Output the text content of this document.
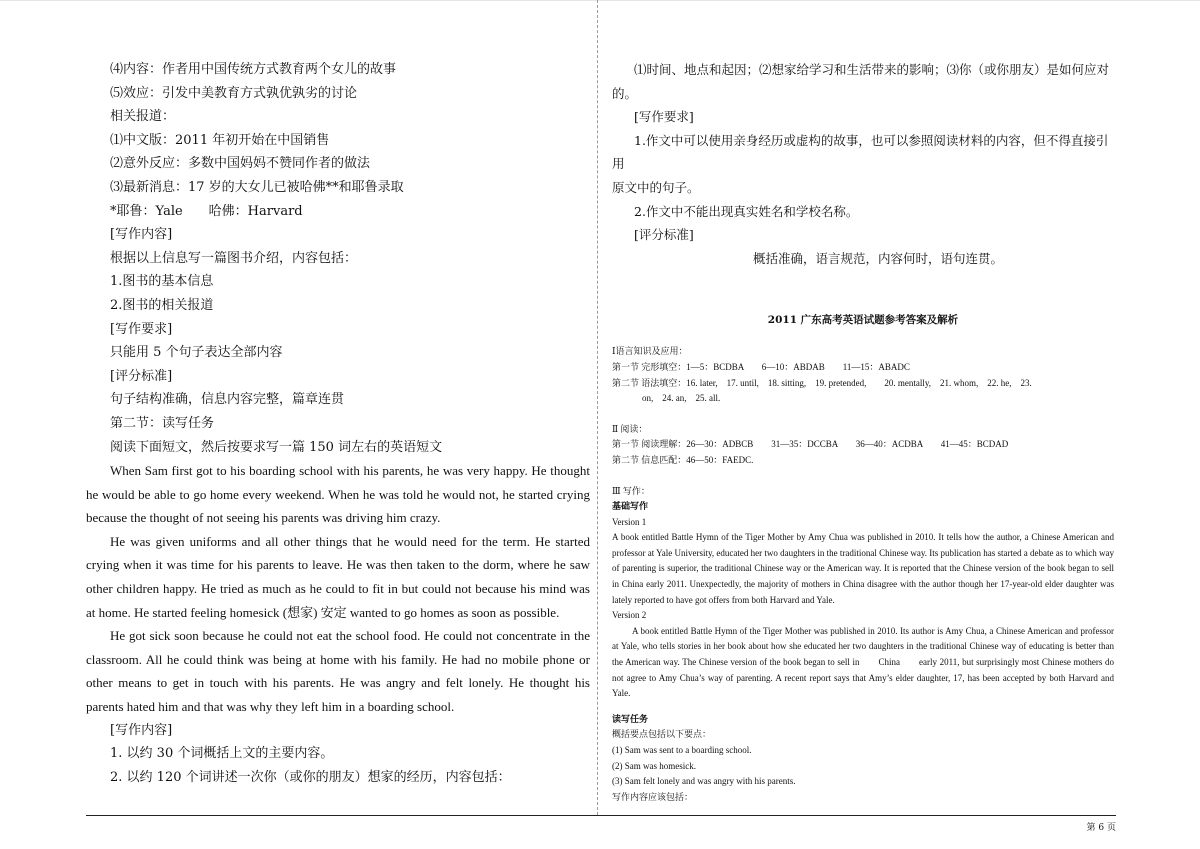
⑷内容：作者用中国传统方式教育两个女儿的故事

⑸效应：引发中美教育方式孰优孰劣的讨论

相关报道：

⑴中文版：2011 年初开始在中国销售

⑵意外反应：多数中国妈妈不赞同作者的做法

⑶最新消息：17 岁的大女儿已被哈佛**和耶鲁录取

*耶鲁：Yale　　哈佛：Harvard

[写作内容]

根据以上信息写一篇图书介绍，内容包括：

1.图书的基本信息

2.图书的相关报道

[写作要求]

只能用 5 个句子表达全部内容

[评分标准]

句子结构准确，信息内容完整，篇章连贯

第二节：读写任务

阅读下面短文，然后按要求写一篇 150 词左右的英语短文

When Sam first got to his boarding school with his parents, he was very happy. He thought he would be able to go home every weekend. When he was told he would not, he started crying because the thought of not seeing his parents was driving him crazy.

He was given uniforms and all other things that he would need for the term. He started crying when it was time for his parents to leave. He was then taken to the dorm, where he saw other children happy. He tried as much as he could to fit in but could not because his mind was at home. He started feeling homesick (想家) 安定 wanted to go homes as soon as possible.

He got sick soon because he could not eat the school food. He could not concentrate in the classroom. All he could think was being at home with his family. He had no mobile phone or other means to get in touch with his parents. He was angry and felt lonely. He thought his parents hated him and that was why they left him in a boarding school.

[写作内容]

1. 以约 30 个词概括上文的主要内容。

2. 以约 120 个词讲述一次你（或你的朋友）想家的经历，内容包括：

⑴时间、地点和起因；⑵想家给学习和生活带来的影响；⑶你（或你朋友）是如何应对

的。

[写作要求]

1.作文中可以使用亲身经历或虚构的故事，也可以参照阅读材料的内容，但不得直接引用

原文中的句子。

2.作文中不能出现真实姓名和学校名称。

[评分标准]

概括准确，语言规范，内容何时，语句连贯。

2011 广东高考英语试题参考答案及解析

Ⅰ语言知识及应用：

第一节 完形填空：1—5：BCDBA　　6—10：ABDAB　　11—15：ABADC

第二节 语法填空：16. later,　17. until,　18. sitting,　19. pretended,　　20. mentally,　21. whom,　22. he,　23.

on,　24. an,　25. all.

Ⅱ 阅读：

第一节 阅读理解：26—30：ADBCB　　31—35：DCCBA　　36—40：ACDBA　　41—45：BCDAD

第二节 信息匹配：46—50：FAEDC.

Ⅲ 写作：

基础写作

Version 1

A book entitled Battle Hymn of the Tiger Mother by Amy Chua was published in 2010. It tells how the author, a Chinese American and professor at Yale University, educated her two daughters in the traditional Chinese way. Its publication has started a debate as to which way of parenting is superior, the traditional Chinese way or the American way. It is reported that the Chinese version of the book began to sell in China early 2011. Unexpectedly, the majority of mothers in China disagree with the author though her 17-year-old elder daughter was lately reported to have got offers from both Harvard and Yale.

Version 2

A book entitled Battle Hymn of the Tiger Mother was published in 2010. Its author is Amy Chua, a Chinese American and professor at Yale, who tells stories in her book about how she educated her two daughters in the traditional Chinese way of educating is better than the American way. The Chinese version of the book began to sell in　　China　　early 2011, but surprisingly most Chinese mothers do not agree to Amy Chua’s way of parenting. A recent report says that Amy’s elder daughter, 17, has been accepted by both Harvard and Yale.

读写任务

概括要点包括以下要点：

(1) Sam was sent to a boarding school.

(2) Sam was homesick.

(3) Sam felt lonely and was angry with his parents.

写作内容应该包括：

第 6 页
